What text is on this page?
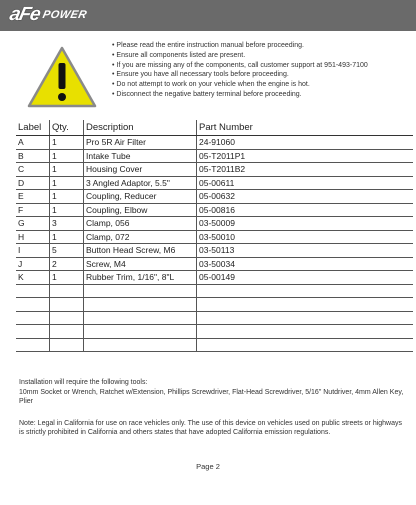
aFe POWER
• Please read the entire instruction manual before proceeding.
• Ensure all components listed are present.
• If you are missing any of the components, call customer support at 951-493-7100
• Ensure you have all necessary tools before proceeding.
• Do not attempt to work on your vehicle when the engine is hot.
• Disconnect the negative battery terminal before proceeding.
Label	Qty.	Description	Part Number
A	1	Pro 5R Air Filter	24-91060
B	1	Intake Tube	05-T2011P1
C	1	Housing Cover	05-T2011B2
D	1	3 Angled Adaptor, 5.5"	05-00611
E	1	Coupling, Reducer	05-00632
F	1	Coupling, Elbow	05-00816
G	3	Clamp, 056	03-50009
H	1	Clamp, 072	03-50010
I	5	Button Head Screw, M6	03-50113
J	2	Screw, M4	03-50034
K	1	Rubber Trim, 1/16", 8"L	05-00149

Installation will require the following tools:
10mm Socket or Wrench, Ratchet w/Extension, Phillips Screwdriver, Flat-Head Screwdriver, 5/16" Nutdriver, 4mm Allen Key, Plier

Note: Legal in California for use on race vehicles only. The use of this device on vehicles used on public streets or highways is strictly prohibited in California and others states that have adopted California emission regulations.

Page 2
